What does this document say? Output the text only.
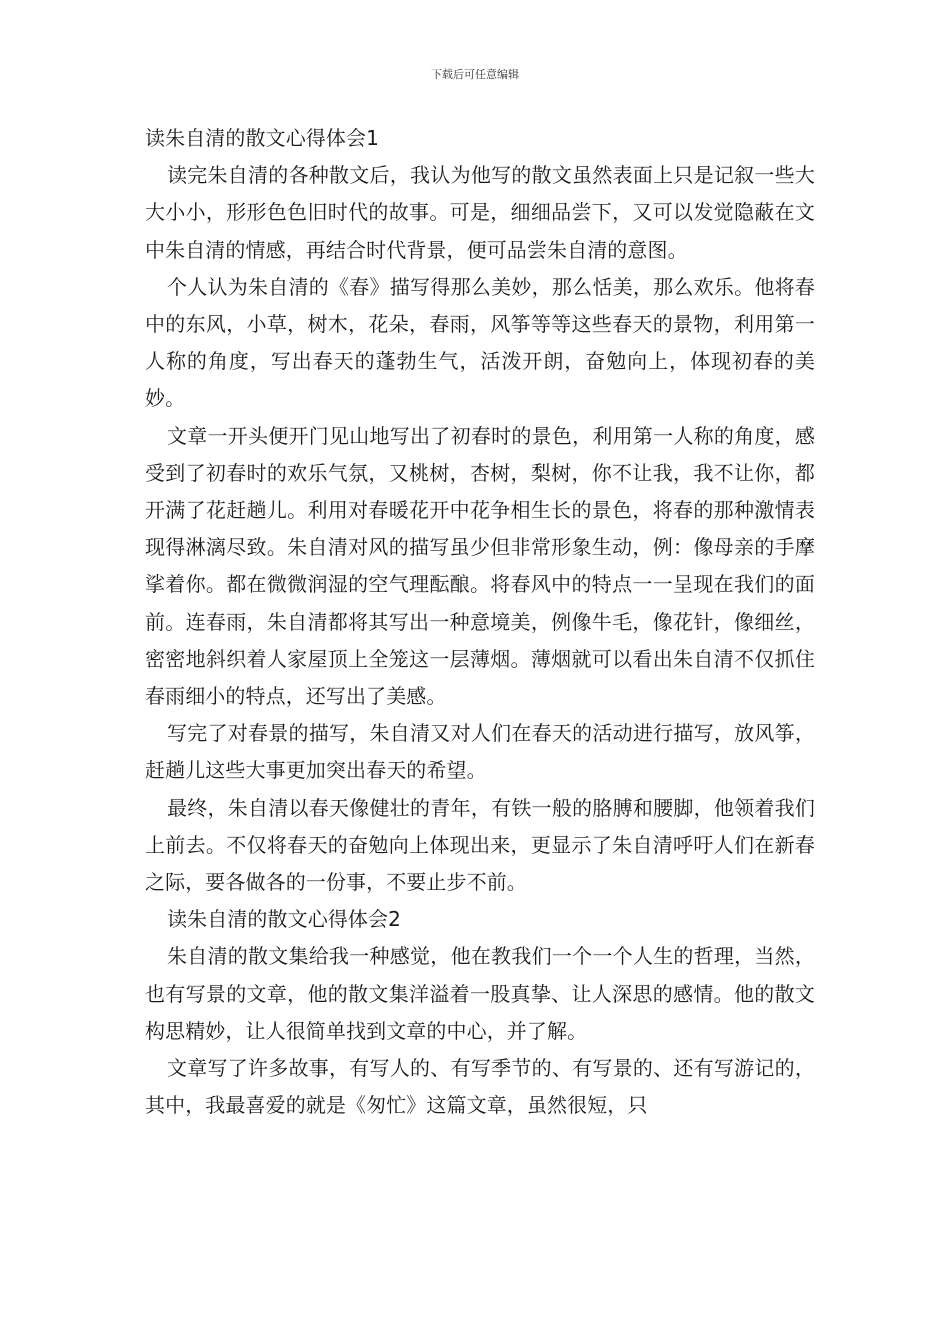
下载后可任意编辑
读朱自清的散文心得体会1

读完朱自清的各种散文后，我认为他写的散文虽然表面上只是记叙一些大大小小，形形色色旧时代的故事。可是，细细品尝下，又可以发觉隐蔽在文中朱自清的情感，再结合时代背景，便可品尝朱自清的意图。

个人认为朱自清的《春》描写得那么美妙，那么恬美，那么欢乐。他将春中的东风，小草，树木，花朵，春雨，风筝等等这些春天的景物，利用第一人称的角度，写出春天的蓬勃生气，活泼开朗，奋勉向上，体现初春的美妙。

文章一开头便开门见山地写出了初春时的景色，利用第一人称的角度，感受到了初春时的欢乐气氛，又桃树，杏树，梨树，你不让我，我不让你，都开满了花赶趟儿。利用对春暖花开中花争相生长的景色，将春的那种激情表现得淋漓尽致。朱自清对风的描写虽少但非常形象生动，例：像母亲的手摩挲着你。都在微微润湿的空气理酝酿。将春风中的特点一一呈现在我们的面前。连春雨，朱自清都将其写出一种意境美，例像牛毛，像花针，像细丝，密密地斜织着人家屋顶上全笼这一层薄烟。薄烟就可以看出朱自清不仅抓住春雨细小的特点，还写出了美感。

写完了对春景的描写，朱自清又对人们在春天的活动进行描写，放风筝，赶趟儿这些大事更加突出春天的希望。

最终，朱自清以春天像健壮的青年，有铁一般的胳膊和腰脚，他领着我们上前去。不仅将春天的奋勉向上体现出来，更显示了朱自清呼吁人们在新春之际，要各做各的一份事，不要止步不前。

读朱自清的散文心得体会2

朱自清的散文集给我一种感觉，他在教我们一个一个人生的哲理，当然，也有写景的文章，他的散文集洋溢着一股真挚、让人深思的感情。他的散文构思精妙，让人很简单找到文章的中心，并了解。

文章写了许多故事，有写人的、有写季节的、有写景的、还有写游记的，其中，我最喜爱的就是《匆忙》这篇文章，虽然很短，只
